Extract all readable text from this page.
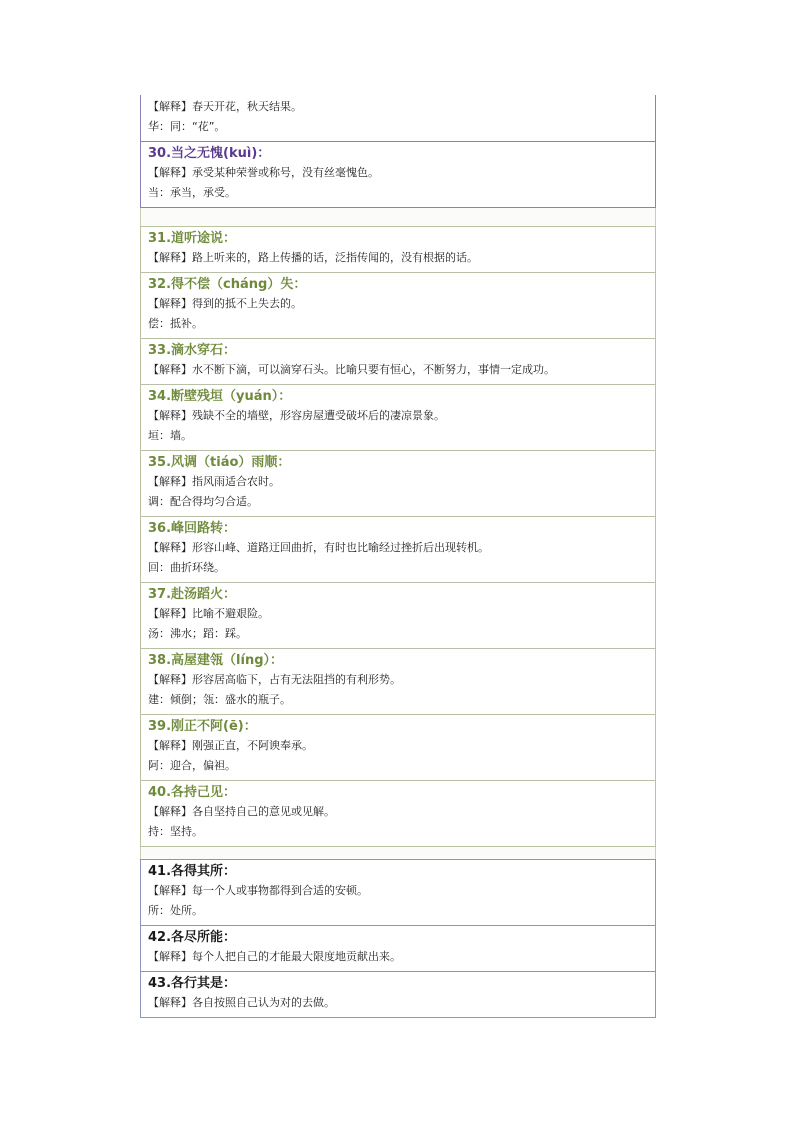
【解释】春天开花，秋天结果。
华：同：“花”。
30.当之无愧(kuì)：
【解释】承受某种荣誉或称号，没有丝毫愧色。
当：承当，承受。
31.道听途说：
【解释】路上听来的，路上传播的话，泛指传闻的，没有根据的话。
32.得不偿（cháng）失：
【解释】得到的抵不上失去的。
偿：抵补。
33.滴水穿石：
【解释】水不断下滴，可以滴穿石头。比喻只要有恒心，不断努力，事情一定成功。
34.断壁残垣（yuán）：
【解释】残缺不全的墙壁，形容房屋遭受破坏后的凄凉景象。
垣：墙。
35.风调（tiáo）雨顺：
【解释】指风雨适合农时。
调：配合得均匀合适。
36.峰回路转：
【解释】形容山峰、道路迂回曲折，有时也比喻经过挫折后出现转机。
回：曲折环绕。
37.赴汤蹈火：
【解释】比喻不避艰险。
汤：沸水；蹈：踩。
38.高屋建瓴（líng）：
【解释】形容居高临下，占有无法阻挡的有利形势。
建：倾倒；瓴：盛水的瓶子。
39.刚正不阿(ē)：
【解释】刚强正直，不阿谀奉承。
阿：迎合，偏袒。
40.各持己见：
【解释】各自坚持自己的意见或见解。
持：坚持。
41.各得其所：
【解释】每一个人或事物都得到合适的安顿。
所：处所。
42.各尽所能：
【解释】每个人把自己的才能最大限度地贡献出来。
43.各行其是：
【解释】各自按照自己认为对的去做。
